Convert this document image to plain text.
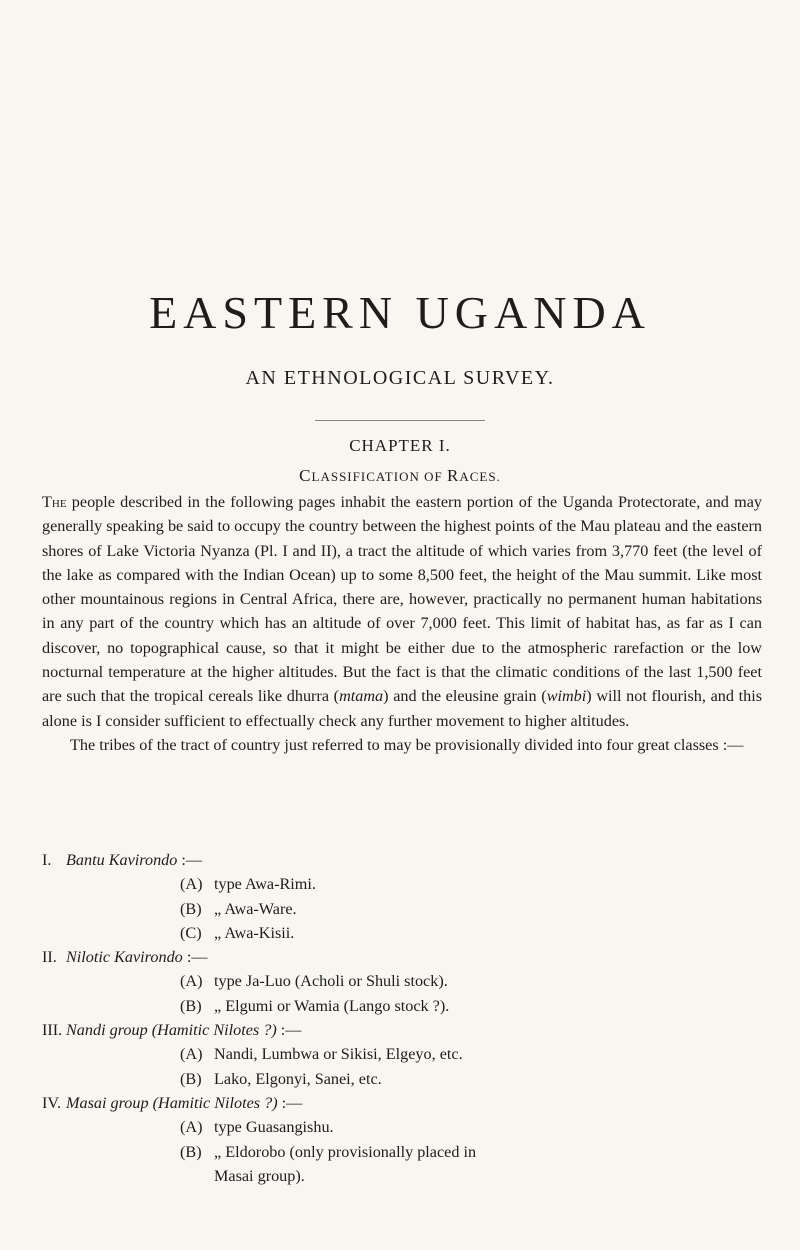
EASTERN UGANDA
AN ETHNOLOGICAL SURVEY.
CHAPTER I.
CLASSIFICATION OF RACES.

The people described in the following pages inhabit the eastern portion of the Uganda Protectorate, and may generally speaking be said to occupy the country between the highest points of the Mau plateau and the eastern shores of Lake Victoria Nyanza (Pl. I and II), a tract the altitude of which varies from 3,770 feet (the level of the lake as compared with the Indian Ocean) up to some 8,500 feet, the height of the Mau summit. Like most other mountainous regions in Central Africa, there are, however, practically no permanent human habitations in any part of the country which has an altitude of over 7,000 feet. This limit of habitat has, as far as I can discover, no topographical cause, so that it might be either due to the atmospheric rarefaction or the low nocturnal temperature at the higher altitudes. But the fact is that the climatic conditions of the last 1,500 feet are such that the tropical cereals like dhurra (mtama) and the eleusine grain (wimbi) will not flourish, and this alone is I consider sufficient to effectually check any further movement to higher altitudes.

The tribes of the tract of country just referred to may be provisionally divided into four great classes :—

I. Bantu Kavirondo :—
(A) type Awa-Rimi.
(B) „ Awa-Ware.
(C) „ Awa-Kisii.
II. Nilotic Kavirondo :—
(A) type Ja-Luo (Acholi or Shuli stock).
(B) „ Elgumi or Wamia (Lango stock ?).
III. Nandi group (Hamitic Nilotes ?) :—
(A) Nandi, Lumbwa or Sikisi, Elgeyo, etc.
(B) Lako, Elgonyi, Sanei, etc.
IV. Masai group (Hamitic Nilotes ?) :—
(A) type Guasangishu.
(B) „ Eldorobo (only provisionally placed in
Masai group).
